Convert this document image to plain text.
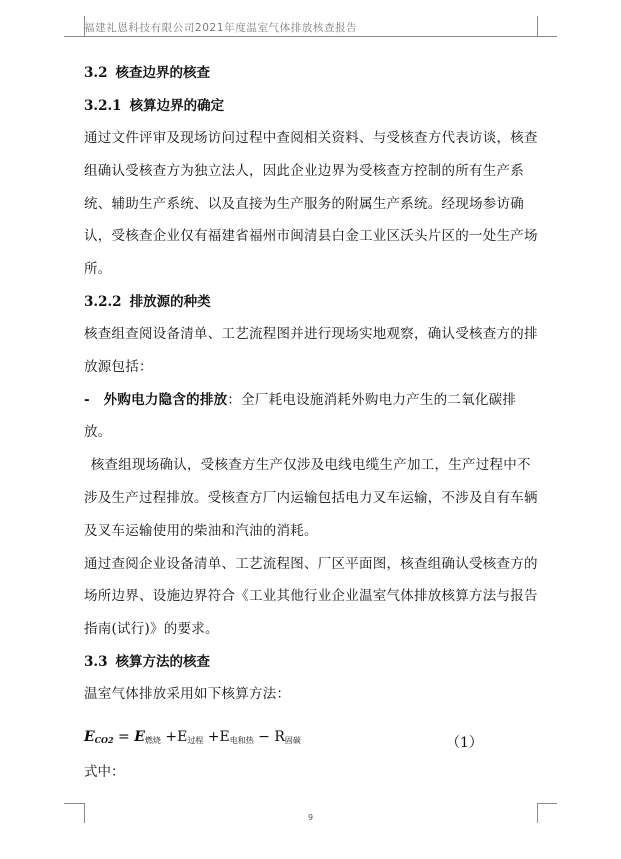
福建礼恩科技有限公司2021年度温室气体排放核查报告
3.2 核查边界的核查
3.2.1 核算边界的确定

通过文件评审及现场访问过程中查阅相关资料、与受核查方代表访谈，核查组确认受核查方为独立法人，因此企业边界为受核查方控制的所有生产系统、辅助生产系统、以及直接为生产服务的附属生产系统。经现场参访确认，受核查企业仅有福建省福州市闽清县白金工业区沃头片区的一处生产场所。

3.2.2 排放源的种类

核查组查阅设备清单、工艺流程图并进行现场实地观察，确认受核查方的排放源包括：

-　外购电力隐含的排放：全厂耗电设施消耗外购电力产生的二氧化碳排放。

核查组现场确认，受核查方生产仅涉及电线电缆生产加工，生产过程中不涉及生产过程排放。受核查方厂内运输包括电力叉车运输，不涉及自有车辆及叉车运输使用的柴油和汽油的消耗。

通过查阅企业设备清单、工艺流程图、厂区平面图，核查组确认受核查方的场所边界、设施边界符合《工业其他行业企业温室气体排放核算方法与报告指南(试行)》的要求。

3.3 核算方法的核查

温室气体排放采用如下核算方法：

$E_{CO2} = E_{燃烧} +E_{过程} +E_{电和热} - R_{固碳}$	（1）
式中：
9
